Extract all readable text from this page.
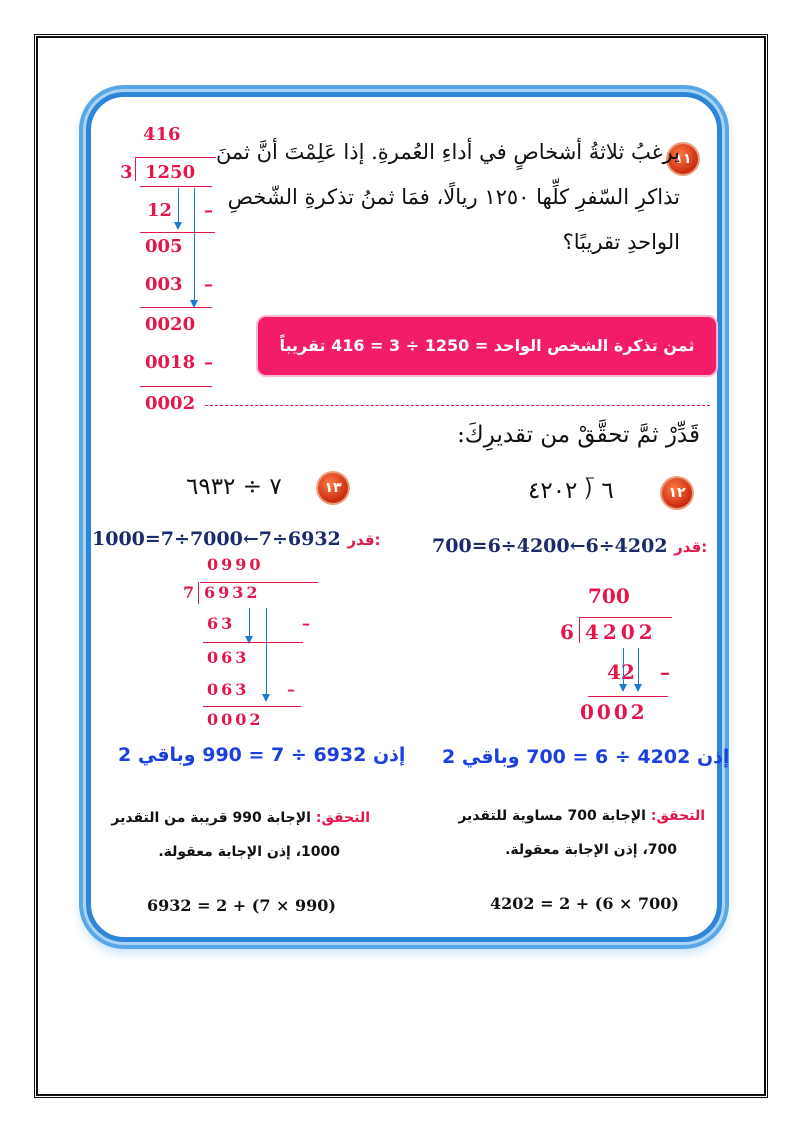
١١
يرغبُ ثلاثةُ أشخاصٍ في أداءِ العُمرةِ. إذا عَلِمْتَ أنَّ ثمنَ تذاكرِ السّفرِ كلِّها ١٢٥٠ ريالًا، فمَا ثمنُ تذكرةِ الشّخصِ الواحدِ تقريبًا؟
416
3 1250
12 –
005
003 –
0020
0018 –
0002
ثمن تذكرة الشخص الواحد = 1250 ÷ 3 = 416 تقريباً
قَدِّرْ ثمَّ تحقَّقْ من تقديرِكَ:
١٢
٦ ⟌ ٤٢٠٢
700=6÷4200←6÷4202 قدر:
700
6 4202
42 –
0002
إذن 4202 ÷ 6 = 700 وباقي 2
التحقق: الإجابة 700 مساوية للتقدير
700، إذن الإجابة معقولة.
4202 = 2 + (6 × 700)
١٣
٧ ÷ ٦٩٣٢
1000=7÷7000←7÷6932 قدر:
0990
7 6932
63	–
063
063 –
0002
إذن 6932 ÷ 7 = 990 وباقي 2
التحقق: الإجابة 990 قريبة من التقدير
1000، إذن الإجابة معقولة.
6932 = 2 + (7 × 990)
